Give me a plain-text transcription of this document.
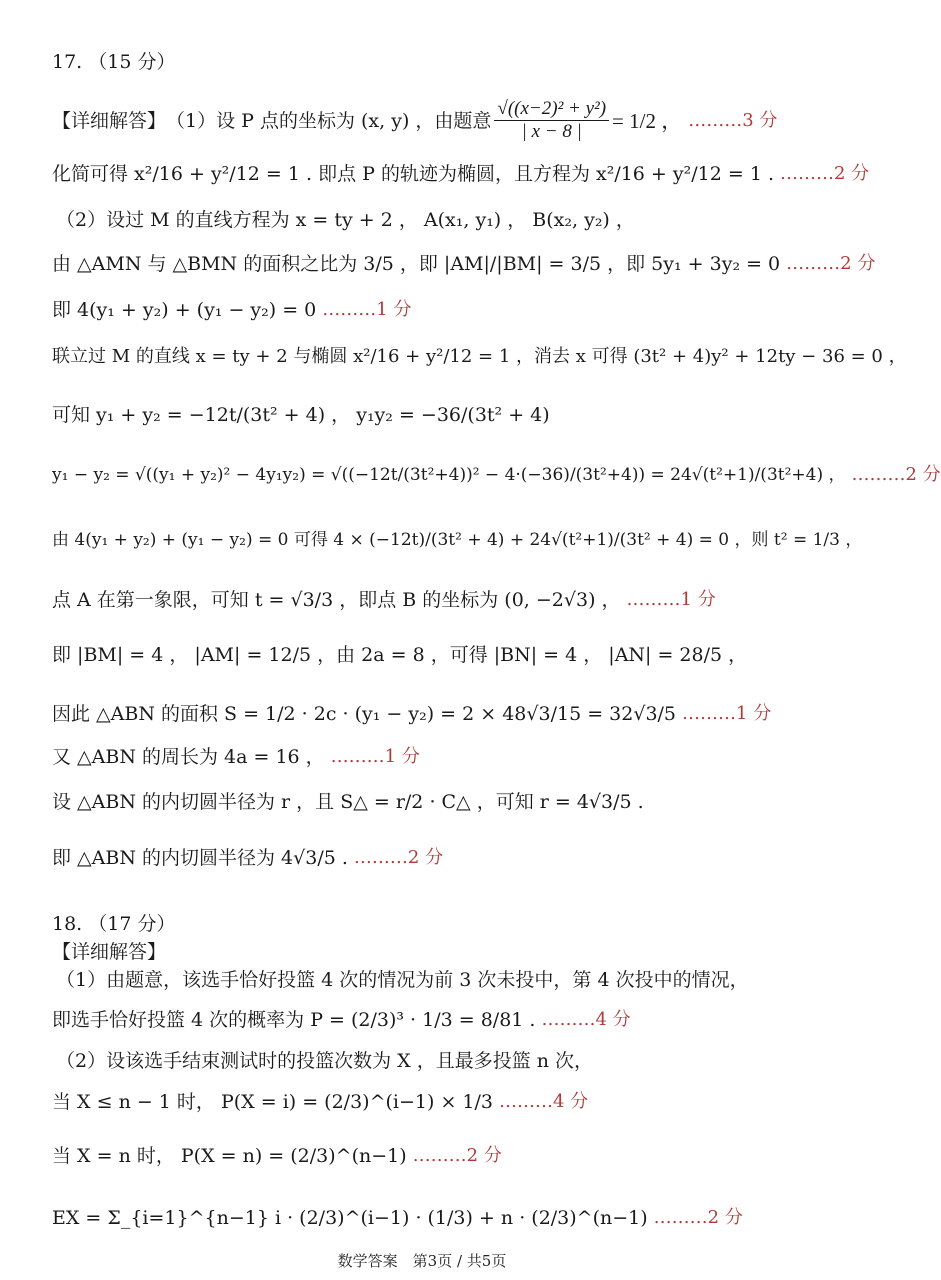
17. （15 分）
【详细解答】 （1）设 P 点的坐标为 (x, y) ，由题意 $\frac{\text{√((x−2)² + y²)}}{| x - 8 |} = 1/2$ ， ………3 分
化简可得 x²/16 + y²/12 = 1 . 即点 P 的轨迹为椭圆，且方程为 x²/16 + y²/12 = 1 . ………2 分
（2）设过 M 的直线方程为 x = ty + 2 ， A(x₁, y₁) ， B(x₂, y₂) ，
由 △AMN 与 △BMN 的面积之比为 3/5 ，即 |AM|/|BM| = 3/5 ，即 5y₁ + 3y₂ = 0 ………2 分
即 4(y₁ + y₂) + (y₁ − y₂) = 0 ………1 分
联立过 M 的直线 x = ty + 2 与椭圆 x²/16 + y²/12 = 1 ，消去 x 可得 (3t² + 4)y² + 12ty − 36 = 0 ，
可知 y₁ + y₂ = −12t/(3t² + 4) ， y₁y₂ = −36/(3t² + 4)
y₁ − y₂ = √((y₁ + y₂)² − 4y₁y₂) = √((−12t/(3t²+4))² − 4·(−36)/(3t²+4)) = 24√(t²+1)/(3t²+4) ， ………2 分
由 4(y₁ + y₂) + (y₁ − y₂) = 0 可得 4 × (−12t)/(3t² + 4) + 24√(t²+1)/(3t² + 4) = 0 ，则 t² = 1/3 ，
点 A 在第一象限，可知 t = √3/3 ，即点 B 的坐标为 (0, −2√3) ， ………1 分
即 |BM| = 4 ， |AM| = 12/5 ，由 2a = 8 ，可得 |BN| = 4 ， |AN| = 28/5 ，
因此 △ABN 的面积 S = 1/2 · 2c · (y₁ − y₂) = 2 × 48√3/15 = 32√3/5 ………1 分
又 △ABN 的周长为 4a = 16 ， ………1 分
设 △ABN 的内切圆半径为 r ，且 S△ = r/2 · C△ ，可知 r = 4√3/5 .
即 △ABN 的内切圆半径为 4√3/5 . ………2 分
18. （17 分）
【详细解答】
（1）由题意，该选手恰好投篮 4 次的情况为前 3 次未投中，第 4 次投中的情况，
即选手恰好投篮 4 次的概率为 P = (2/3)³ · 1/3 = 8/81 . ………4 分
（2）设该选手结束测试时的投篮次数为 X ，且最多投篮 n 次，
当 X ≤ n − 1 时， P(X = i) = (2/3)^(i−1) × 1/3 ………4 分
当 X = n 时， P(X = n) = (2/3)^(n−1) ………2 分
EX = Σ_{i=1}^{n−1} i · (2/3)^(i−1) · (1/3) + n · (2/3)^(n−1) ………2 分
数学答案　第3页 / 共5页
